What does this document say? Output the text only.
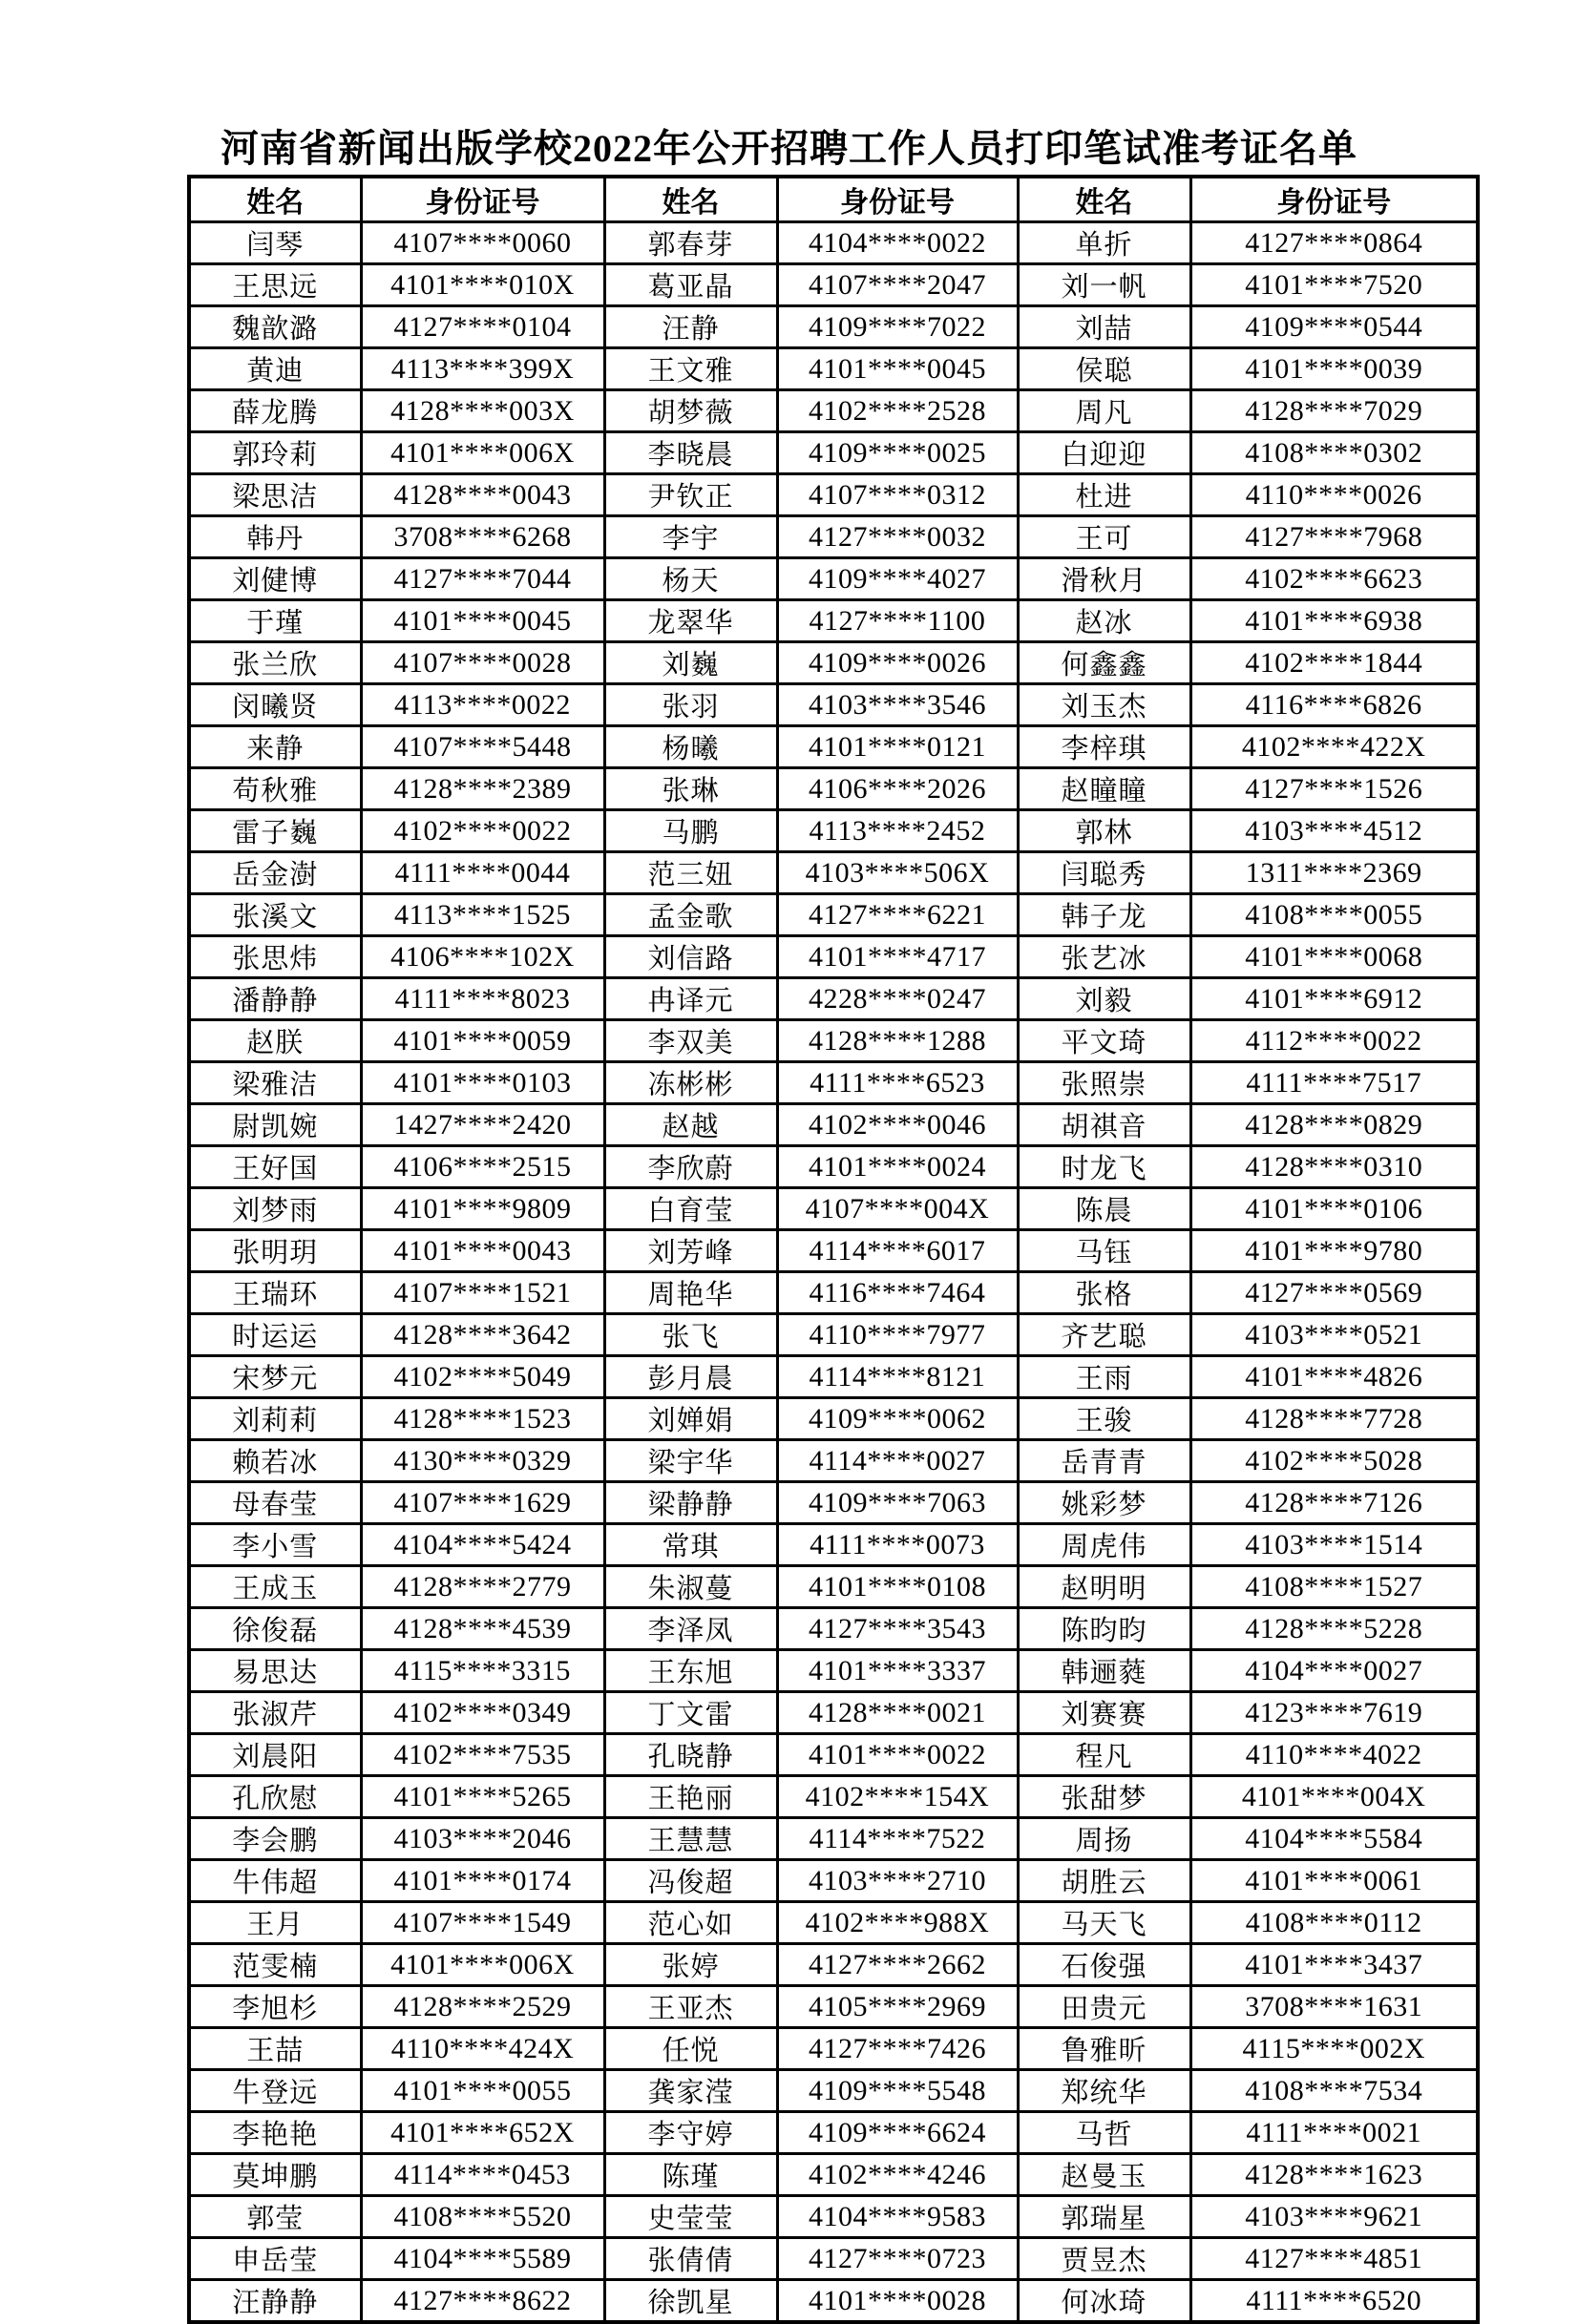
河南省新闻出版学校2022年公开招聘工作人员打印笔试准考证名单
姓名	身份证号	姓名	身份证号	姓名	身份证号
闫琴	4107****0060	郭春芽	4104****0022	单折	4127****0864
王思远	4101****010X	葛亚晶	4107****2047	刘一帆	4101****7520
魏歆潞	4127****0104	汪静	4109****7022	刘喆	4109****0544
黄迪	4113****399X	王文雅	4101****0045	侯聪	4101****0039
薛龙腾	4128****003X	胡梦薇	4102****2528	周凡	4128****7029
郭玲莉	4101****006X	李晓晨	4109****0025	白迎迎	4108****0302
梁思洁	4128****0043	尹钦正	4107****0312	杜进	4110****0026
韩丹	3708****6268	李宇	4127****0032	王可	4127****7968
刘健博	4127****7044	杨天	4109****4027	滑秋月	4102****6623
于瑾	4101****0045	龙翠华	4127****1100	赵冰	4101****6938
张兰欣	4107****0028	刘巍	4109****0026	何鑫鑫	4102****1844
闵曦贤	4113****0022	张羽	4103****3546	刘玉杰	4116****6826
来静	4107****5448	杨曦	4101****0121	李梓琪	4102****422X
苟秋雅	4128****2389	张琳	4106****2026	赵瞳瞳	4127****1526
雷子巍	4102****0022	马鹏	4113****2452	郭林	4103****4512
岳金澍	4111****0044	范三妞	4103****506X	闫聪秀	1311****2369
张溪文	4113****1525	孟金歌	4127****6221	韩子龙	4108****0055
张思炜	4106****102X	刘信路	4101****4717	张艺冰	4101****0068
潘静静	4111****8023	冉译元	4228****0247	刘毅	4101****6912
赵朕	4101****0059	李双美	4128****1288	平文琦	4112****0022
梁雅洁	4101****0103	冻彬彬	4111****6523	张照崇	4111****7517
尉凯婉	1427****2420	赵越	4102****0046	胡祺音	4128****0829
王好国	4106****2515	李欣蔚	4101****0024	时龙飞	4128****0310
刘梦雨	4101****9809	白育莹	4107****004X	陈晨	4101****0106
张明玥	4101****0043	刘芳峰	4114****6017	马钰	4101****9780
王瑞环	4107****1521	周艳华	4116****7464	张格	4127****0569
时运运	4128****3642	张飞	4110****7977	齐艺聪	4103****0521
宋梦元	4102****5049	彭月晨	4114****8121	王雨	4101****4826
刘莉莉	4128****1523	刘婵娟	4109****0062	王骏	4128****7728
赖若冰	4130****0329	梁宇华	4114****0027	岳青青	4102****5028
母春莹	4107****1629	梁静静	4109****7063	姚彩梦	4128****7126
李小雪	4104****5424	常琪	4111****0073	周虎伟	4103****1514
王成玉	4128****2779	朱淑蔓	4101****0108	赵明明	4108****1527
徐俊磊	4128****4539	李泽凤	4127****3543	陈昀昀	4128****5228
易思达	4115****3315	王东旭	4101****3337	韩逦蕤	4104****0027
张淑芹	4102****0349	丁文雷	4128****0021	刘赛赛	4123****7619
刘晨阳	4102****7535	孔晓静	4101****0022	程凡	4110****4022
孔欣慰	4101****5265	王艳丽	4102****154X	张甜梦	4101****004X
李会鹏	4103****2046	王慧慧	4114****7522	周扬	4104****5584
牛伟超	4101****0174	冯俊超	4103****2710	胡胜云	4101****0061
王月	4107****1549	范心如	4102****988X	马天飞	4108****0112
范雯楠	4101****006X	张婷	4127****2662	石俊强	4101****3437
李旭杉	4128****2529	王亚杰	4105****2969	田贵元	3708****1631
王喆	4110****424X	任悦	4127****7426	鲁雅昕	4115****002X
牛登远	4101****0055	龚家滢	4109****5548	郑统华	4108****7534
李艳艳	4101****652X	李守婷	4109****6624	马哲	4111****0021
莫坤鹏	4114****0453	陈瑾	4102****4246	赵曼玉	4128****1623
郭莹	4108****5520	史莹莹	4104****9583	郭瑞星	4103****9621
申岳莹	4104****5589	张倩倩	4127****0723	贾昱杰	4127****4851
汪静静	4127****8622	徐凯星	4101****0028	何冰琦	4111****6520
